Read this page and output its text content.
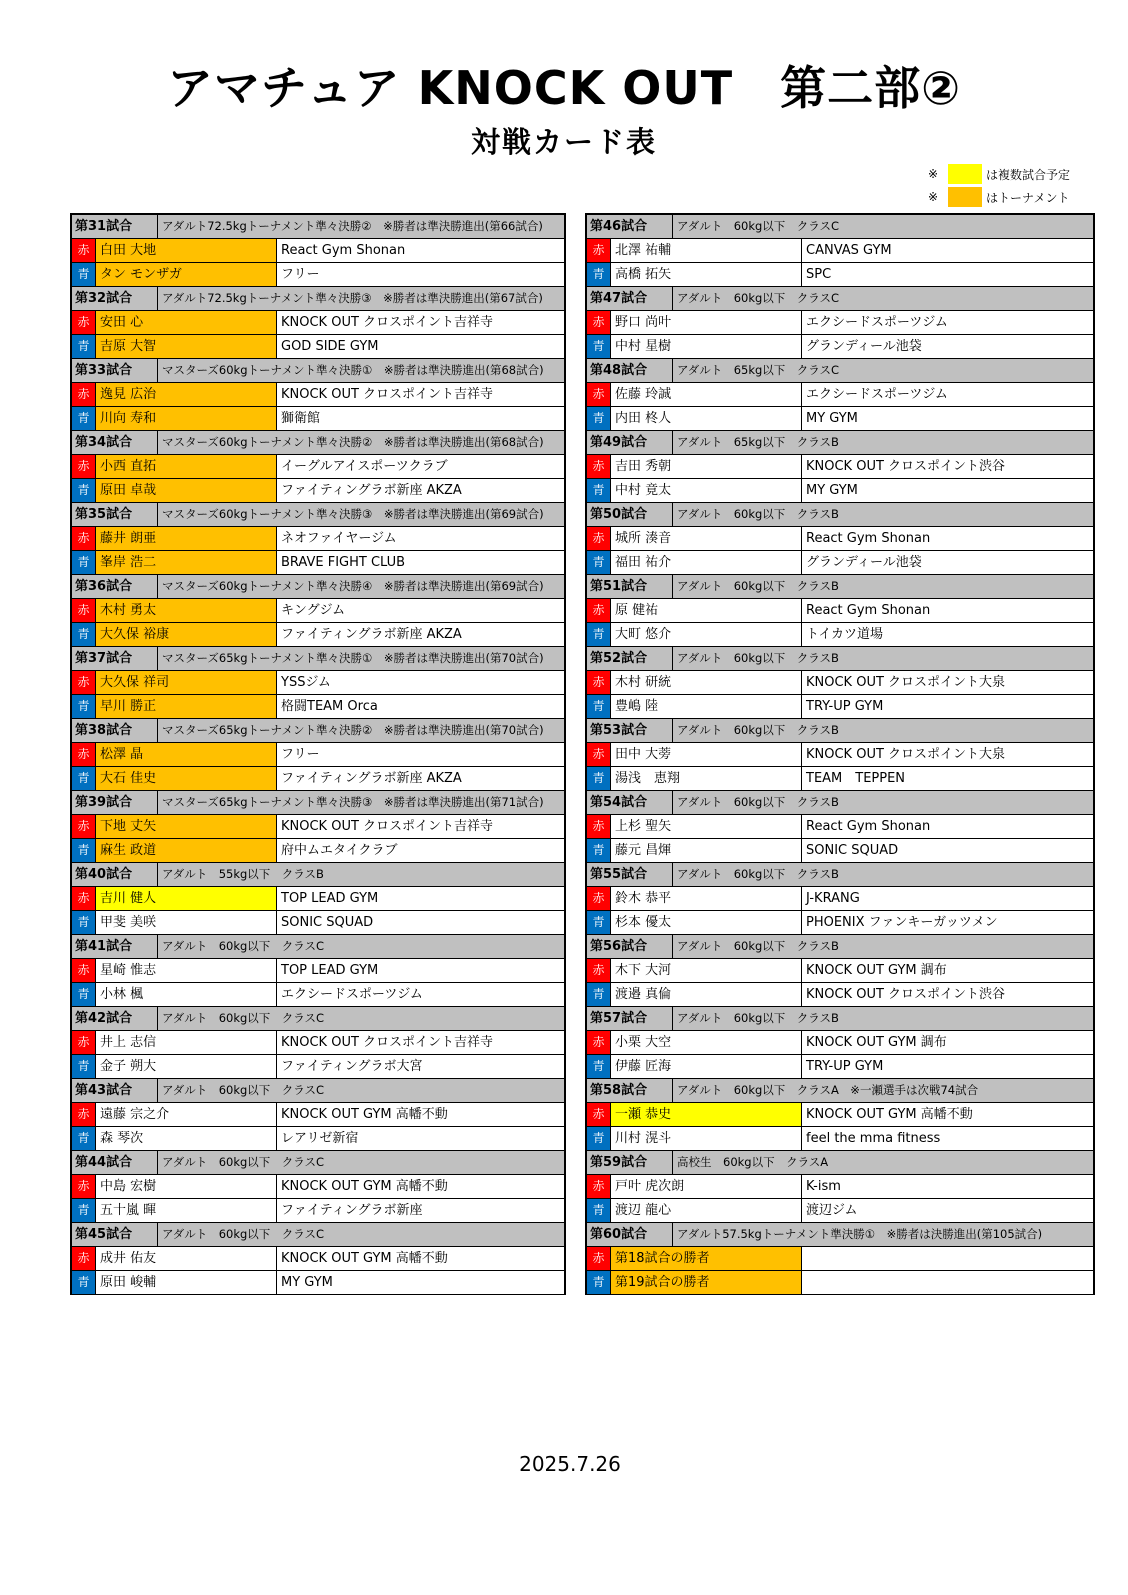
アマチュア KNOCK OUT　第二部②
対戦カード表
※	は複数試合予定
※	はトーナメント
第31試合	アダルト72.5kgトーナメント準々決勝②　※勝者は準決勝進出(第66試合)
赤 白田 大地	React Gym Shonan
青 タン モンザガ	フリー
第32試合	アダルト72.5kgトーナメント準々決勝③　※勝者は準決勝進出(第67試合)
赤 安田 心	KNOCK OUT クロスポイント吉祥寺
青 吉原 大智	GOD SIDE GYM
第33試合	マスターズ60kgトーナメント準々決勝①　※勝者は準決勝進出(第68試合)
赤 逸見 広治	KNOCK OUT クロスポイント吉祥寺
青 川向 寿和	獅衛館
第34試合	マスターズ60kgトーナメント準々決勝②　※勝者は準決勝進出(第68試合)
赤 小西 直拓	イーグルアイスポーツクラブ
青 原田 卓哉	ファイティングラボ新座 AKZA
第35試合	マスターズ60kgトーナメント準々決勝③　※勝者は準決勝進出(第69試合)
赤 藤井 朗亜	ネオファイヤージム
青 峯岸 浩二	BRAVE FIGHT CLUB
第36試合	マスターズ60kgトーナメント準々決勝④　※勝者は準決勝進出(第69試合)
赤 木村 勇太	キングジム
青 大久保 裕康	ファイティングラボ新座 AKZA
第37試合	マスターズ65kgトーナメント準々決勝①　※勝者は準決勝進出(第70試合)
赤 大久保 祥司	YSSジム
青 早川 勝正	格闘TEAM Orca
第38試合	マスターズ65kgトーナメント準々決勝②　※勝者は準決勝進出(第70試合)
赤 松澤 晶	フリー
青 大石 佳史	ファイティングラボ新座 AKZA
第39試合	マスターズ65kgトーナメント準々決勝③　※勝者は準決勝進出(第71試合)
赤 下地 丈矢	KNOCK OUT クロスポイント吉祥寺
青 麻生 政道	府中ムエタイクラブ
第40試合	アダルト　55kg以下　クラスB
赤 吉川 健人	TOP LEAD GYM
青 甲斐 美咲	SONIC SQUAD
第41試合	アダルト　60kg以下　クラスC
赤 星崎 惟志	TOP LEAD GYM
青 小林 楓	エクシードスポーツジム
第42試合	アダルト　60kg以下　クラスC
赤 井上 志信	KNOCK OUT クロスポイント吉祥寺
青 金子 朔大	ファイティングラボ大宮
第43試合	アダルト　60kg以下　クラスC
赤 遠藤 宗之介	KNOCK OUT GYM 高幡不動
青 森 琴次	レアリゼ新宿
第44試合	アダルト　60kg以下　クラスC
赤 中島 宏樹	KNOCK OUT GYM 高幡不動
青 五十嵐 暉	ファイティングラボ新座
第45試合	アダルト　60kg以下　クラスC
赤 成井 佑友	KNOCK OUT GYM 高幡不動
青 原田 峻輔	MY GYM
第46試合	アダルト　60kg以下　クラスC
赤 北澤 祐輔	CANVAS GYM
青 高橋 拓矢	SPC
第47試合	アダルト　60kg以下　クラスC
赤 野口 尚叶	エクシードスポーツジム
青 中村 星樹	グランディール池袋
第48試合	アダルト　65kg以下　クラスC
赤 佐藤 玲誠	エクシードスポーツジム
青 内田 柊人	MY GYM
第49試合	アダルト　65kg以下　クラスB
赤 吉田 秀朝	KNOCK OUT クロスポイント渋谷
青 中村 竟太	MY GYM
第50試合	アダルト　60kg以下　クラスB
赤 城所 湊音	React Gym Shonan
青 福田 祐介	グランディール池袋
第51試合	アダルト　60kg以下　クラスB
赤 原 健祐	React Gym Shonan
青 大町 悠介	トイカツ道場
第52試合	アダルト　60kg以下　クラスB
赤 木村 研統	KNOCK OUT クロスポイント大泉
青 豊嶋 陸	TRY-UP GYM
第53試合	アダルト　60kg以下　クラスB
赤 田中 大蒡	KNOCK OUT クロスポイント大泉
青 湯浅　恵翔	TEAM　TEPPEN
第54試合	アダルト　60kg以下　クラスB
赤 上杉 聖矢	React Gym Shonan
青 藤元 昌煇	SONIC SQUAD
第55試合	アダルト　60kg以下　クラスB
赤 鈴木 恭平	J-KRANG
青 杉本 優太	PHOENIX ファンキーガッツメン
第56試合	アダルト　60kg以下　クラスB
赤 木下 大河	KNOCK OUT GYM 調布
青 渡邉 真倫	KNOCK OUT クロスポイント渋谷
第57試合	アダルト　60kg以下　クラスB
赤 小栗 大空	KNOCK OUT GYM 調布
青 伊藤 匠海	TRY-UP GYM
第58試合	アダルト　60kg以下　クラスA　※一瀬選手は次戦74試合
赤 一瀬 恭史	KNOCK OUT GYM 高幡不動
青 川村 滉斗	feel the mma fitness
第59試合	高校生　60kg以下　クラスA
赤 戸叶 虎次朗	K-ism
青 渡辺 龍心	渡辺ジム
第60試合	アダルト57.5kgトーナメント準決勝①　※勝者は決勝進出(第105試合)
赤 第18試合の勝者
青 第19試合の勝者
2025.7.26
